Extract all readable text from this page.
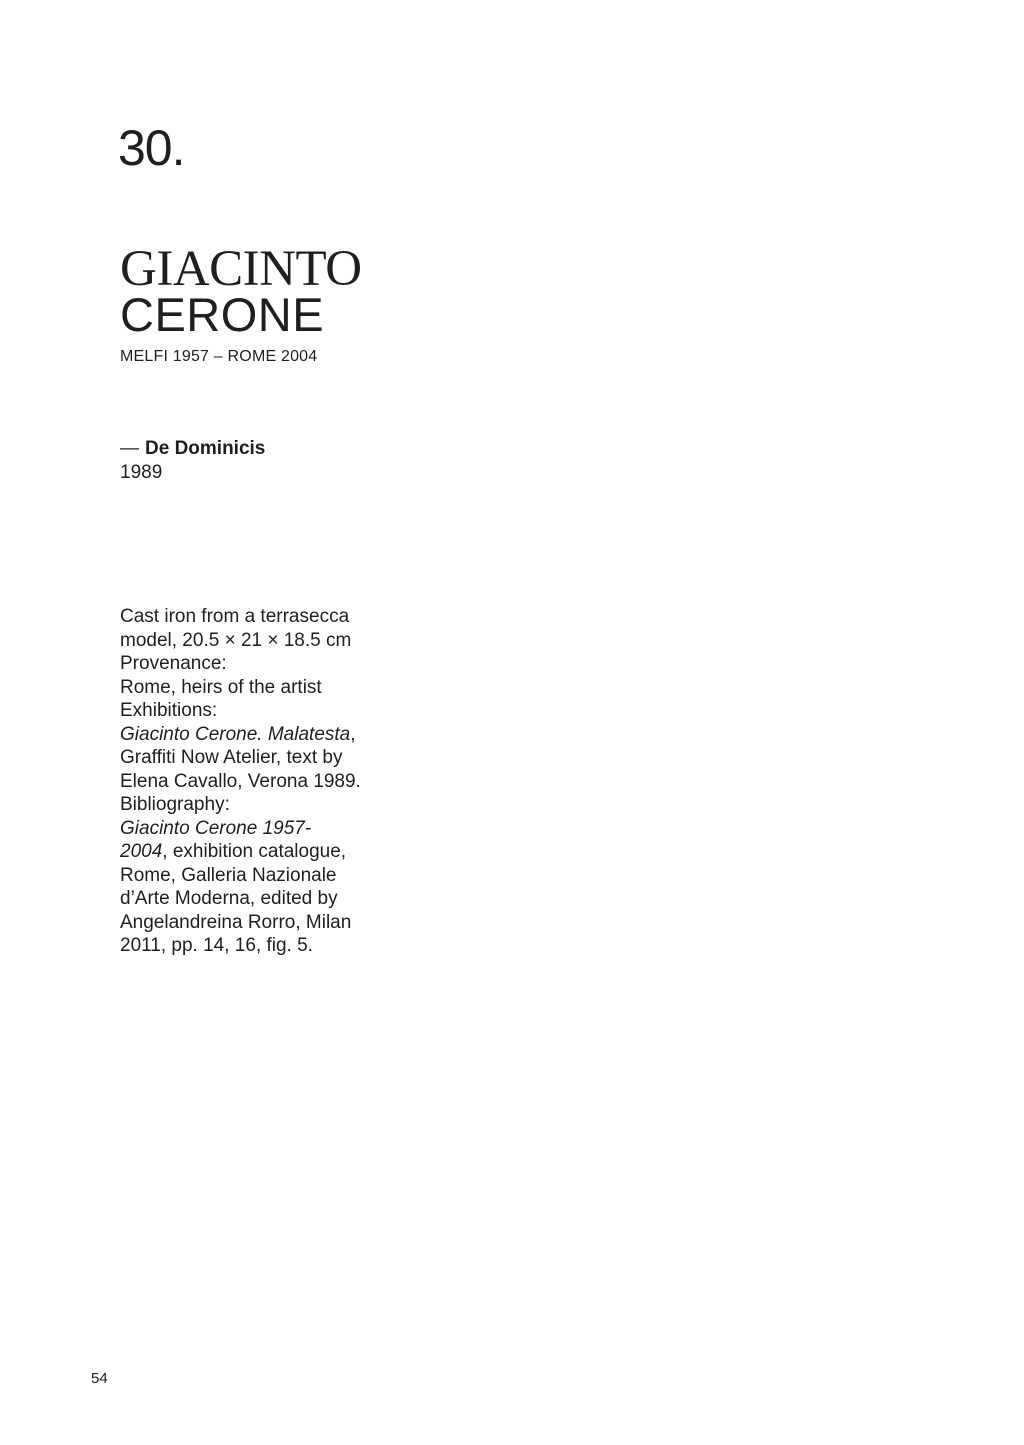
30.
GIACINTO
CERONE
MELFI 1957 – ROME 2004
— De Dominicis
1989
Cast iron from a terrasecca
model, 20.5 × 21 × 18.5 cm
Provenance:
Rome, heirs of the artist
Exhibitions:
Giacinto Cerone. Malatesta,
Graffiti Now Atelier, text by
Elena Cavallo, Verona 1989.
Bibliography:
Giacinto Cerone 1957-
2004, exhibition catalogue,
Rome, Galleria Nazionale
d’Arte Moderna, edited by
Angelandreina Rorro, Milan
2011, pp. 14, 16, fig. 5.
54
